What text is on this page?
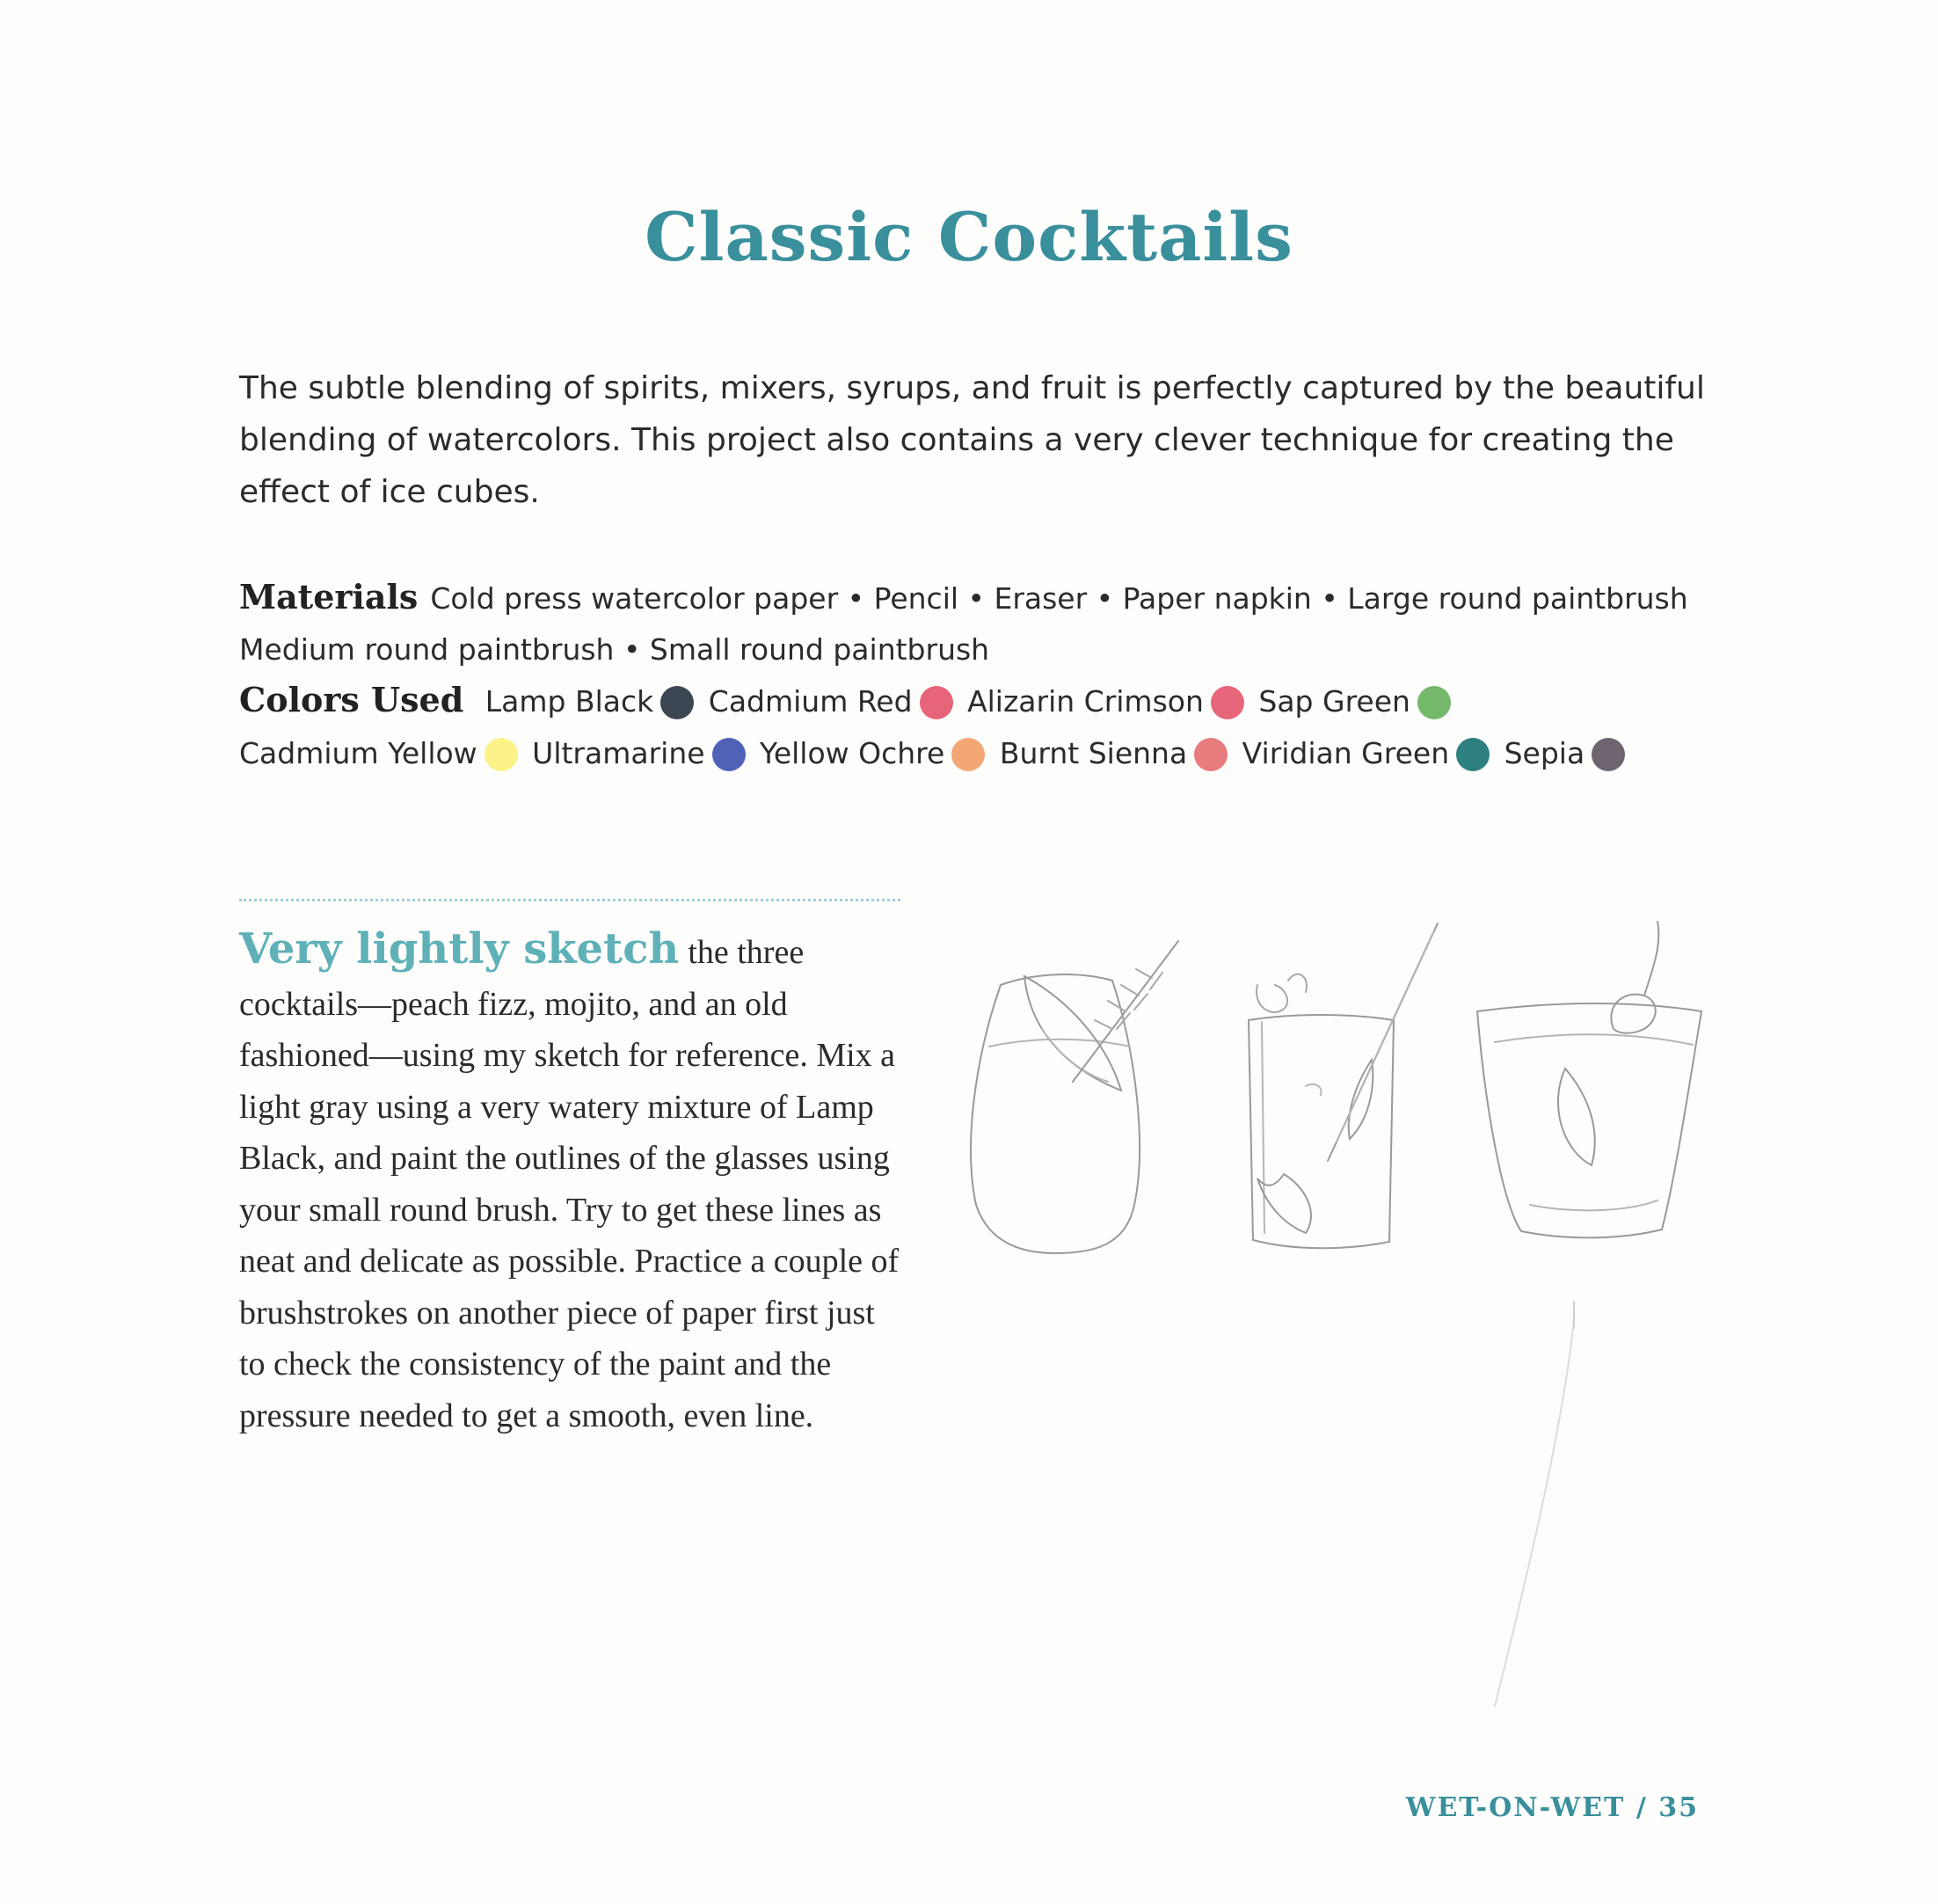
Classic Cocktails

The subtle blending of spirits, mixers, syrups, and fruit is perfectly captured by the beautiful blending of watercolors. This project also contains a very clever technique for creating the effect of ice cubes.

Materials Cold press watercolor paper • Pencil • Eraser • Paper napkin • Large round paintbrush Medium round paintbrush • Small round paintbrush
Colors Used Lamp Black Cadmium Red Alizarin Crimson Sap Green
Cadmium Yellow Ultramarine Yellow Ochre Burnt Sienna Viridian Green Sepia

Very lightly sketch the three cocktails—peach fizz, mojito, and an old fashioned—using my sketch for reference. Mix a light gray using a very watery mixture of Lamp Black, and paint the outlines of the glasses using your small round brush. Try to get these lines as neat and delicate as possible. Practice a couple of brushstrokes on another piece of paper first just to check the consistency of the paint and the pressure needed to get a smooth, even line.

WET-ON-WET / 35
